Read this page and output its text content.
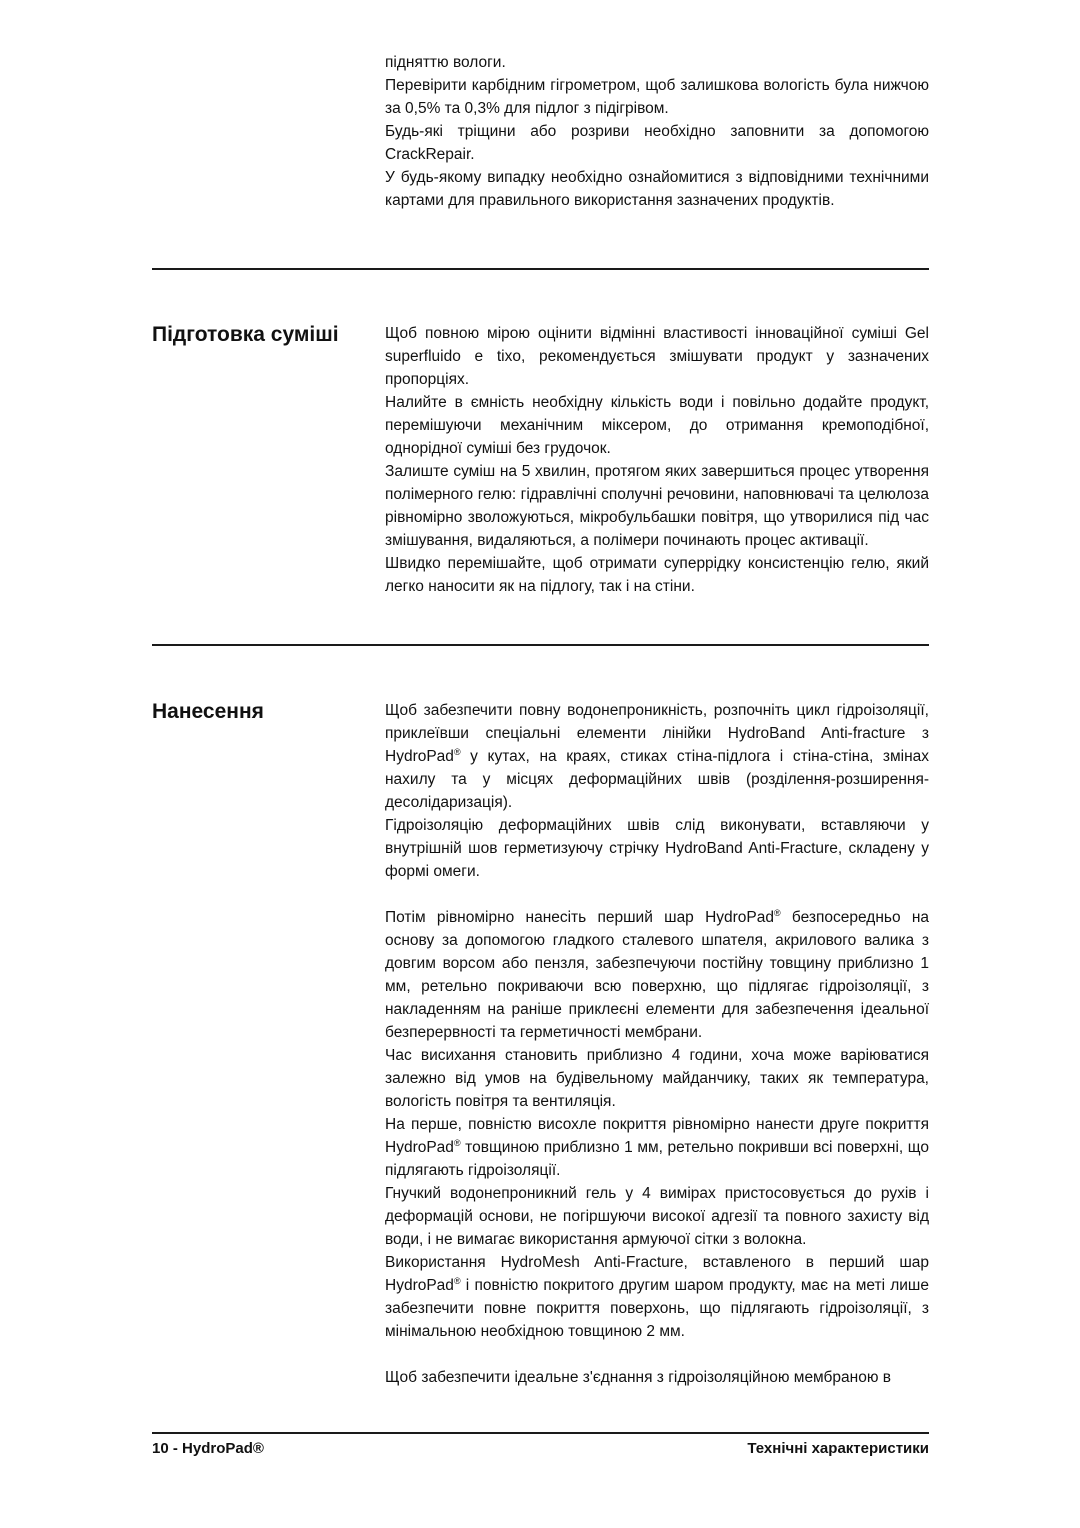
підняттю вологи.

Перевірити карбідним гігрометром, щоб залишкова вологість була нижчою за 0,5% та 0,3% для підлог з підігрівом.

Будь-які тріщини або розриви необхідно заповнити за допомогою CrackRepair.

У будь-якому випадку необхідно ознайомитися з відповідними технічними картами для правильного використання зазначених продуктів.

Підготовка суміші	Щоб повною мірою оцінити відмінні властивості інноваційної суміші Gel superfluido e tixo, рекомендується змішувати продукт у зазначених пропорціях.

Налийте в ємність необхідну кількість води і повільно додайте продукт, перемішуючи механічним міксером, до отримання кремоподібної, однорідної суміші без грудочок.

Залиште суміш на 5 хвилин, протягом яких завершиться процес утворення полімерного гелю: гідравлічні сполучні речовини, наповнювачі та целюлоза рівномірно зволожуються, мікробульбашки повітря, що утворилися під час змішування, видаляються, а полімери починають процес активації.

Швидко перемішайте, щоб отримати суперрідку консистенцію гелю, який легко наносити як на підлогу, так і на стіни.

Нанесення	Щоб забезпечити повну водонепроникність, розпочніть цикл гідроізоляції, приклеївши спеціальні елементи лінійки HydroBand Anti-fracture з HydroPad® у кутах, на краях, стиках стіна-підлога і стіна-стіна, змінах нахилу та у місцях деформаційних швів (розділення-розширення-десолідаризація).

Гідроізоляцію деформаційних швів слід виконувати, вставляючи у внутрішній шов герметизуючу стрічку HydroBand Anti-Fracture, складену у формі омеги.

Потім рівномірно нанесіть перший шар HydroPad® безпосередньо на основу за допомогою гладкого сталевого шпателя, акрилового валика з довгим ворсом або пензля, забезпечуючи постійну товщину приблизно 1 мм, ретельно покриваючи всю поверхню, що підлягає гідроізоляції, з накладенням на раніше приклеєні елементи для забезпечення ідеальної безперервності та герметичності мембрани.

Час висихання становить приблизно 4 години, хоча може варіюватися залежно від умов на будівельному майданчику, таких як температура, вологість повітря та вентиляція.

На перше, повністю висохле покриття рівномірно нанести друге покриття HydroPad® товщиною приблизно 1 мм, ретельно покривши всі поверхні, що підлягають гідроізоляції.

Гнучкий водонепроникний гель у 4 вимірах пристосовується до рухів і деформацій основи, не погіршуючи високої адгезії та повного захисту від води, і не вимагає використання армуючої сітки з волокна.

Використання HydroMesh Anti-Fracture, вставленого в перший шар HydroPad® і повністю покритого другим шаром продукту, має на меті лише забезпечити повне покриття поверхонь, що підлягають гідроізоляції, з мінімальною необхідною товщиною 2 мм.

Щоб забезпечити ідеальне з'єднання з гідроізоляційною мембраною в

10 - HydroPad®	Технічні характеристики
